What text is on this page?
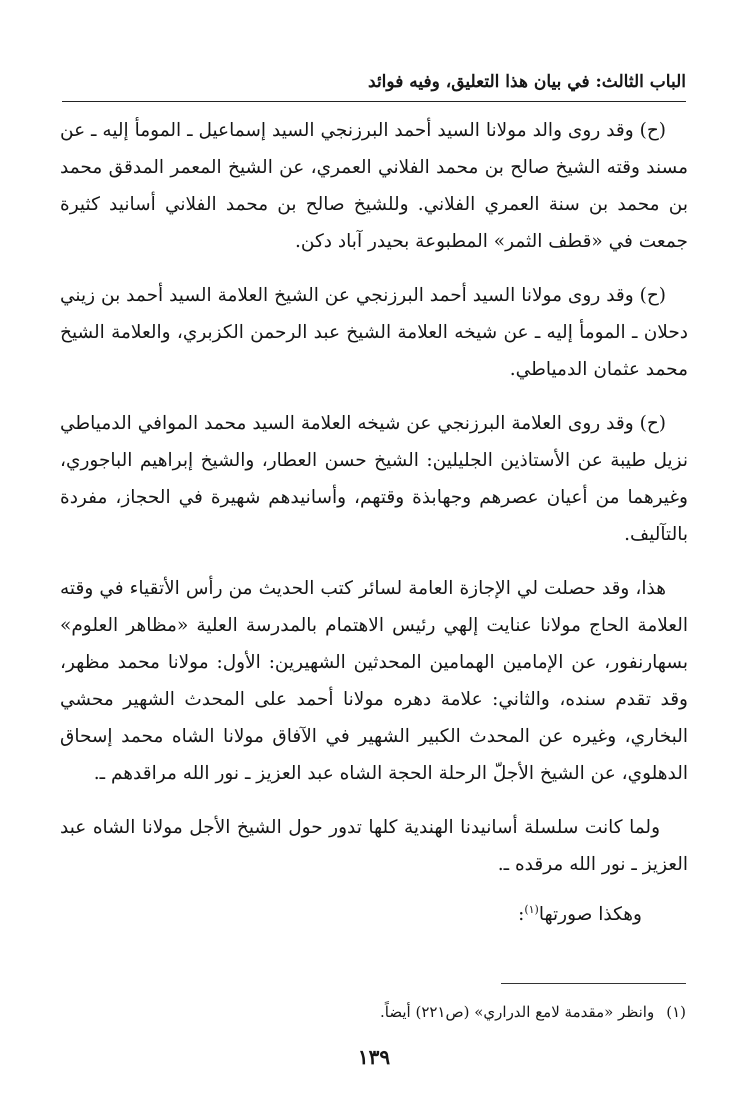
الباب الثالث: في بيان هذا التعليق، وفيه فوائد

(ح) وقد روى والد مولانا السيد أحمد البرزنجي السيد إسماعيل ـ المومأ إليه ـ عن مسند وقته الشيخ صالح بن محمد الفلاني العمري، عن الشيخ المعمر المدقق محمد بن محمد بن سنة العمري الفلاني. وللشيخ صالح بن محمد الفلاني أسانيد كثيرة جمعت في «قطف الثمر» المطبوعة بحيدر آباد دكن.

(ح) وقد روى مولانا السيد أحمد البرزنجي عن الشيخ العلامة السيد أحمد بن زيني دحلان ـ المومأ إليه ـ عن شيخه العلامة الشيخ عبد الرحمن الكزبري، والعلامة الشيخ محمد عثمان الدمياطي.

(ح) وقد روى العلامة البرزنجي عن شيخه العلامة السيد محمد الموافي الدمياطي نزيل طيبة عن الأستاذين الجليلين: الشيخ حسن العطار، والشيخ إبراهيم الباجوري، وغيرهما من أعيان عصرهم وجهابذة وقتهم، وأسانيدهم شهيرة في الحجاز، مفردة بالتآليف.

هذا، وقد حصلت لي الإجازة العامة لسائر كتب الحديث من رأس الأتقياء في وقته العلامة الحاج مولانا عنايت إلهي رئيس الاهتمام بالمدرسة العلية «مظاهر العلوم» بسهارنفور، عن الإمامين الهمامين المحدثين الشهيرين: الأول: مولانا محمد مظهر، وقد تقدم سنده، والثاني: علامة دهره مولانا أحمد على المحدث الشهير محشي البخاري، وغيره عن المحدث الكبير الشهير في الآفاق مولانا الشاه محمد إسحاق الدهلوي، عن الشيخ الأجلّ الرحلة الحجة الشاه عبد العزيز ـ نور الله مراقدهم ـ.

ولما كانت سلسلة أسانيدنا الهندية كلها تدور حول الشيخ الأجل مولانا الشاه عبد العزيز ـ نور الله مرقده ـ.

وهكذا صورتها$^{(١)}$:

(١)وانظر «مقدمة لامع الدراري» (ص٢٢١) أيضاً.
١٣٩
